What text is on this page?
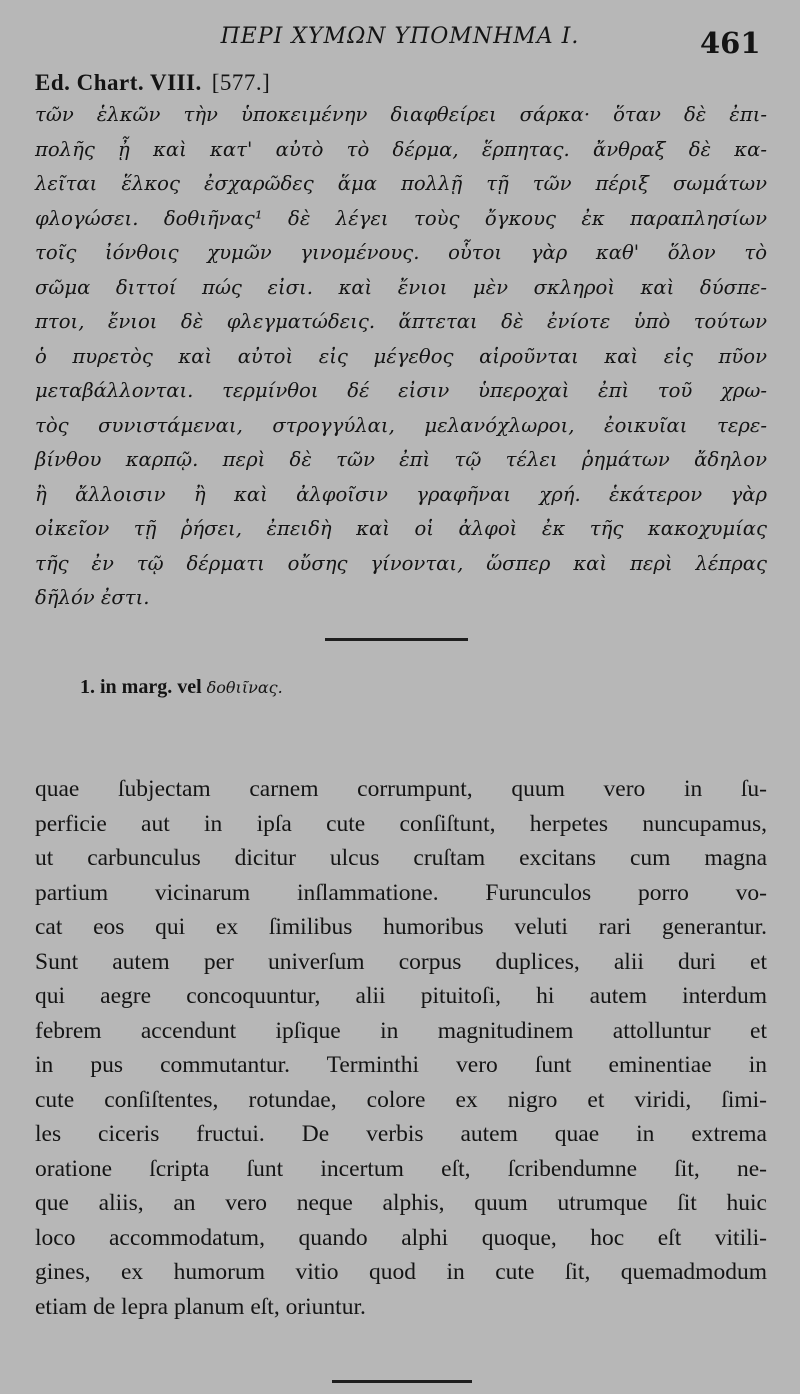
ΠΕΡΙ ΧΥΜΩΝ ΥΠΟΜΝΗΜΑ Ι.	461
Ed. Chart. VIII. [577.]
τῶν ἑλκῶν τὴν ὑποκειμένην διαφθείρει σάρκα· ὅταν δὲ ἐπι-
πολῆς ᾖ καὶ κατ' αὐτὸ τὸ δέρμα, ἕρπητας. ἄνθραξ δὲ κα-
λεῖται ἕλκος ἐσχαρῶδες ἅμα πολλῇ τῇ τῶν πέριξ σωμάτων
φλογώσει. δοθιῆνας¹ δὲ λέγει τοὺς ὄγκους ἐκ παραπλησίων
τοῖς ἰόνθοις χυμῶν γινομένους. οὗτοι γὰρ καθ' ὅλον τὸ
σῶμα διττοί πώς εἰσι. καὶ ἔνιοι μὲν σκληροὶ καὶ δύσπε-
πτοι, ἔνιοι δὲ φλεγματώδεις. ἅπτεται δὲ ἐνίοτε ὑπὸ τούτων
ὁ πυρετὸς καὶ αὐτοὶ εἰς μέγεθος αἱροῦνται καὶ εἰς πῦον
μεταβάλλονται. τερμίνθοι δέ εἰσιν ὑπεροχαὶ ἐπὶ τοῦ χρω-
τὸς συνιστάμεναι, στρογγύλαι, μελανόχλωροι, ἐοικυῖαι τερε-
βίνθου καρπῷ. περὶ δὲ τῶν ἐπὶ τῷ τέλει ῥημάτων ἄδηλον
ἢ ἄλλοισιν ἢ καὶ ἀλφοῖσιν γραφῆναι χρή. ἑκάτερον γὰρ
οἰκεῖον τῇ ῥήσει, ἐπειδὴ καὶ οἱ ἀλφοὶ ἐκ τῆς κακοχυμίας
τῆς ἐν τῷ δέρματι οὔσης γίνονται, ὥσπερ καὶ περὶ λέπρας
δῆλόν ἐστι.
1. in marg. vel δοθιῖνας.
quae ſubjectam carnem corrumpunt, quum vero in ſu-
perficie aut in ipſa cute conſiſtunt, herpetes nuncupamus,
ut carbunculus dicitur ulcus cruſtam excitans cum magna
partium vicinarum inſlammatione. Furunculos porro vo-
cat eos qui ex ſimilibus humoribus veluti rari generantur.
Sunt autem per univerſum corpus duplices, alii duri et
qui aegre concoquuntur, alii pituitoſi, hi autem interdum
febrem accendunt ipſique in magnitudinem attolluntur et
in pus commutantur. Terminthi vero ſunt eminentiae in
cute conſiſtentes, rotundae, colore ex nigro et viridi, ſimi-
les ciceris fructui. De verbis autem quae in extrema
oratione ſcripta ſunt incertum eſt, ſcribendumne ſit, ne-
que aliis, an vero neque alphis, quum utrumque ſit huic
loco accommodatum, quando alphi quoque, hoc eſt vitili-
gines, ex humorum vitio quod in cute ſit, quemadmodum
etiam de lepra planum eſt, oriuntur.
